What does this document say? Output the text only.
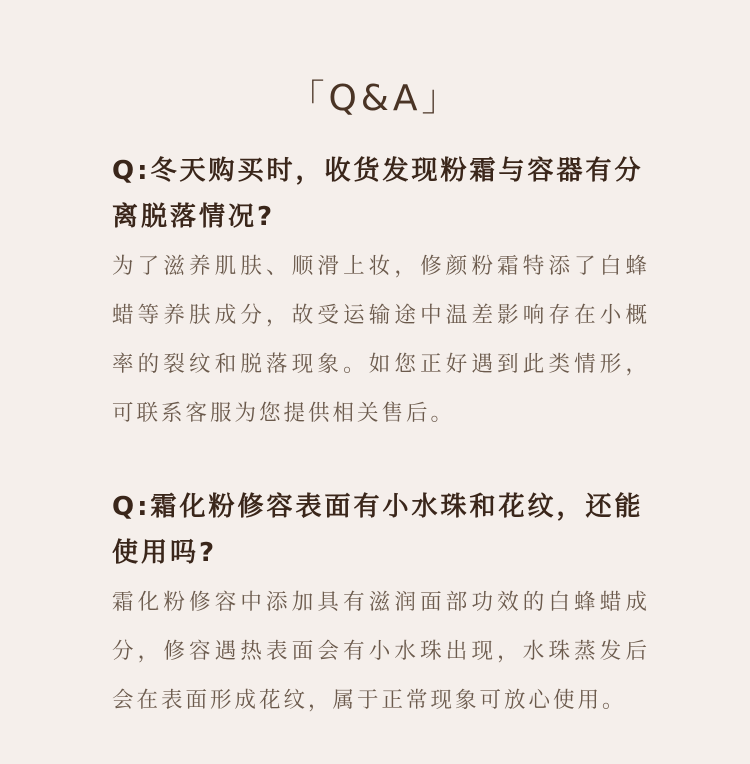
「Q&A」

Q:冬天购买时，收货发现粉霜与容器有分离脱落情况?

为了滋养肌肤、顺滑上妆，修颜粉霜特添了白蜂蜡等养肤成分，故受运输途中温差影响存在小概率的裂纹和脱落现象。如您正好遇到此类情形，可联系客服为您提供相关售后。

Q:霜化粉修容表面有小水珠和花纹，还能使用吗?

霜化粉修容中添加具有滋润面部功效的白蜂蜡成分，修容遇热表面会有小水珠出现，水珠蒸发后会在表面形成花纹，属于正常现象可放心使用。
